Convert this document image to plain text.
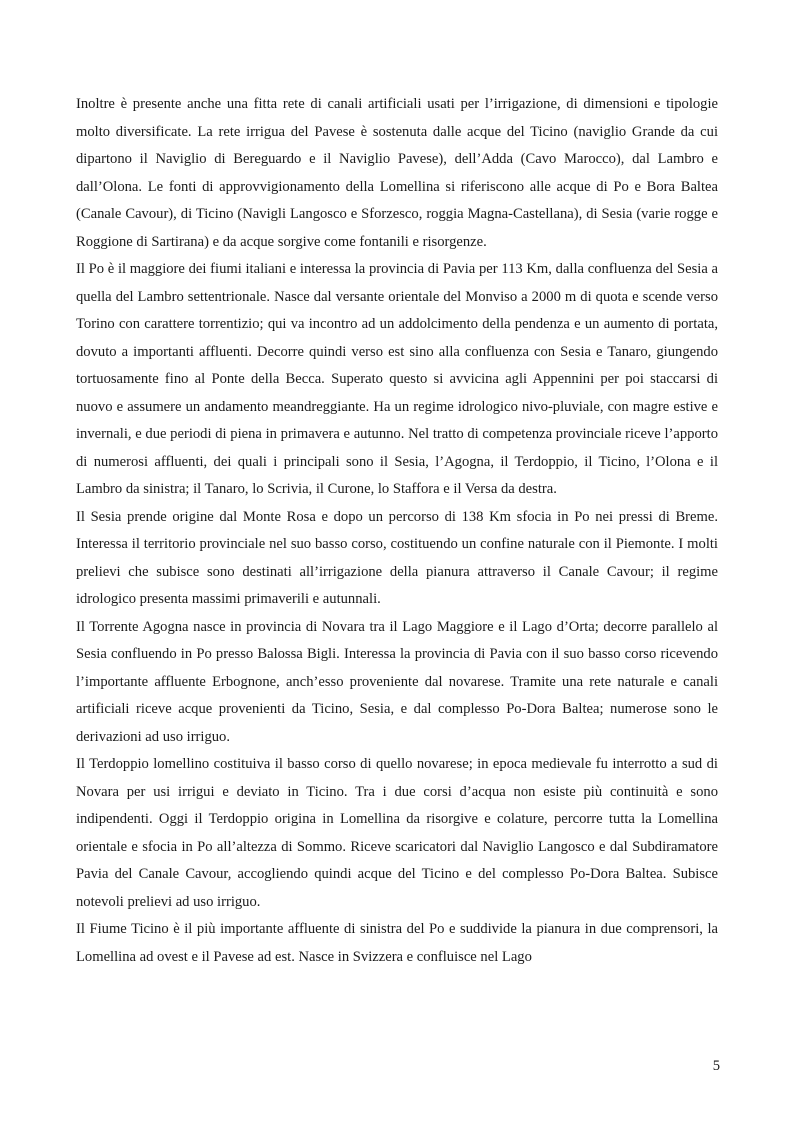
Inoltre è presente anche una fitta rete di canali artificiali usati per l’irrigazione, di dimensioni e tipologie molto diversificate. La rete irrigua del Pavese è sostenuta dalle acque del Ticino (naviglio Grande da cui dipartono il Naviglio di Bereguardo e il Naviglio Pavese), dell’Adda (Cavo Marocco), dal Lambro e dall’Olona. Le fonti di approvvigionamento della Lomellina si riferiscono alle acque di Po e Bora Baltea (Canale Cavour), di Ticino (Navigli Langosco e Sforzesco, roggia Magna-Castellana), di Sesia (varie rogge e Roggione di Sartirana) e da acque sorgive come fontanili e risorgenze.

Il Po è il maggiore dei fiumi italiani e interessa la provincia di Pavia per 113 Km, dalla confluenza del Sesia a quella del Lambro settentrionale. Nasce dal versante orientale del Monviso a 2000 m di quota e scende verso Torino con carattere torrentizio; qui va incontro ad un addolcimento della pendenza e un aumento di portata, dovuto a importanti affluenti. Decorre quindi verso est sino alla confluenza con Sesia e Tanaro, giungendo tortuosamente fino al Ponte della Becca. Superato questo si avvicina agli Appennini per poi staccarsi di nuovo e assumere un andamento meandreggiante. Ha un regime idrologico nivo-pluviale, con magre estive e invernali, e due periodi di piena in primavera e autunno. Nel tratto di competenza provinciale riceve l’apporto di numerosi affluenti, dei quali i principali sono il Sesia, l’Agogna, il Terdoppio, il Ticino, l’Olona e il Lambro da sinistra; il Tanaro, lo Scrivia, il Curone, lo Staffora e il Versa da destra.

Il Sesia prende origine dal Monte Rosa e dopo un percorso di 138 Km sfocia in Po nei pressi di Breme. Interessa il territorio provinciale nel suo basso corso, costituendo un confine naturale con il Piemonte. I molti prelievi che subisce sono destinati all’irrigazione della pianura attraverso il Canale Cavour; il regime idrologico presenta massimi primaverili e autunnali.

Il Torrente Agogna nasce in provincia di Novara tra il Lago Maggiore e il Lago d’Orta; decorre parallelo al Sesia confluendo in Po presso Balossa Bigli. Interessa la provincia di Pavia con il suo basso corso ricevendo l’importante affluente Erbognone, anch’esso proveniente dal novarese. Tramite una rete naturale e canali artificiali riceve acque provenienti da Ticino, Sesia, e dal complesso Po-Dora Baltea; numerose sono le derivazioni ad uso irriguo.

Il Terdoppio lomellino costituiva il basso corso di quello novarese; in epoca medievale fu interrotto a sud di Novara per usi irrigui e deviato in Ticino. Tra i due corsi d’acqua non esiste più continuità e sono indipendenti. Oggi il Terdoppio origina in Lomellina da risorgive e colature, percorre tutta la Lomellina orientale e sfocia in Po all’altezza di Sommo. Riceve scaricatori dal Naviglio Langosco e dal Subdiramatore Pavia del Canale Cavour, accogliendo quindi acque del Ticino e del complesso Po-Dora Baltea. Subisce notevoli prelievi ad uso irriguo.

Il Fiume Ticino è il più importante affluente di sinistra del Po e suddivide la pianura in due comprensori, la Lomellina ad ovest e il Pavese ad est. Nasce in Svizzera e confluisce nel Lago

5
